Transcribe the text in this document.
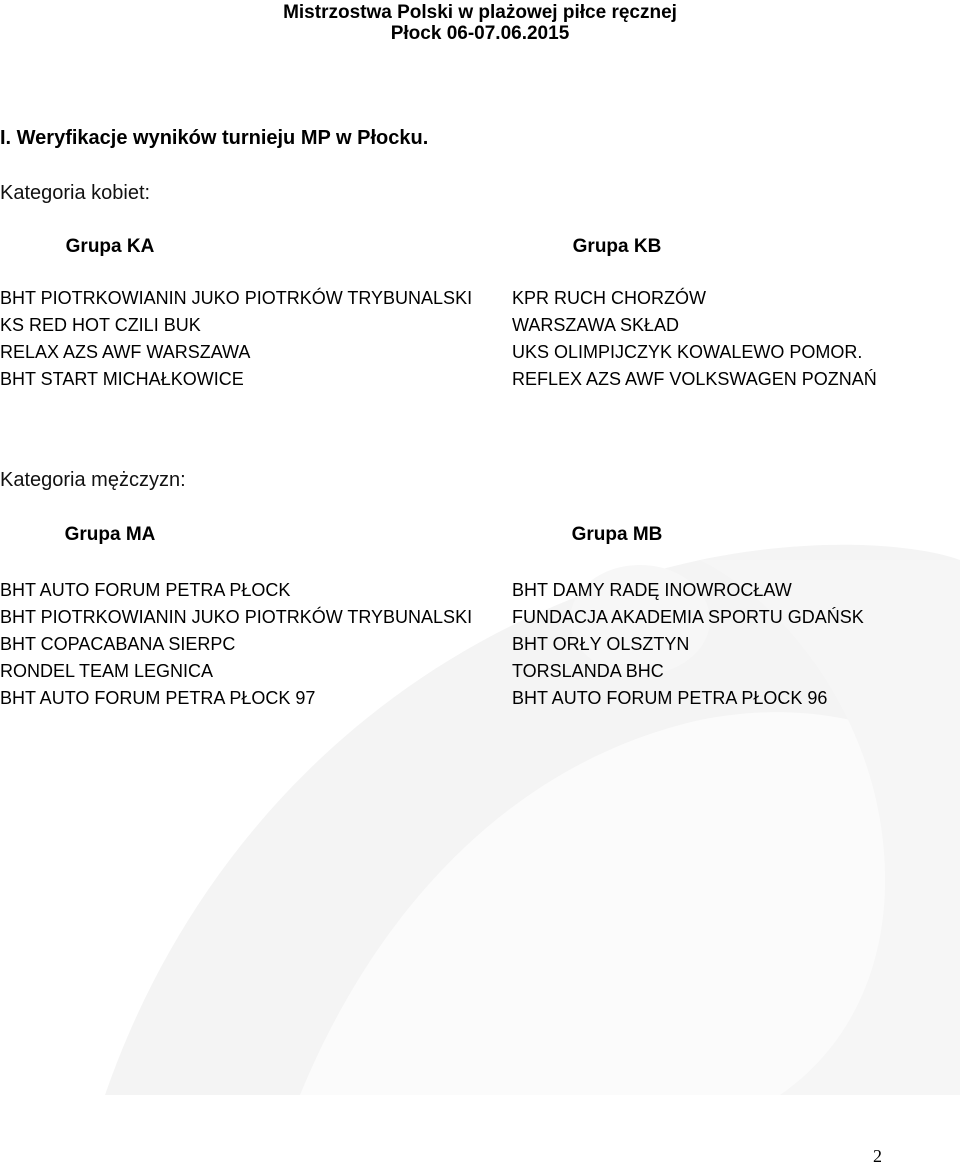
Mistrzostwa Polski w plażowej piłce ręcznej
Płock 06-07.06.2015
I. Weryfikacje wyników turnieju MP w Płocku.
Kategoria kobiet:
Grupa KA	Grupa KB
BHT PIOTRKOWIANIN JUKO PIOTRKÓW TRYBUNALSKI
KS RED HOT CZILI BUK
RELAX AZS AWF WARSZAWA
BHT START MICHAŁKOWICE
KPR RUCH CHORZÓW
WARSZAWA SKŁAD
UKS OLIMPIJCZYK KOWALEWO POMOR.
REFLEX AZS AWF VOLKSWAGEN POZNAŃ
Kategoria mężczyzn:
Grupa MA	Grupa MB
BHT AUTO FORUM PETRA PŁOCK
BHT PIOTRKOWIANIN JUKO PIOTRKÓW TRYBUNALSKI
BHT COPACABANA SIERPC
RONDEL TEAM LEGNICA
BHT AUTO FORUM PETRA PŁOCK 97
BHT DAMY RADĘ INOWROCŁAW
FUNDACJA AKADEMIA SPORTU GDAŃSK
BHT ORŁY OLSZTYN
TORSLANDA BHC
BHT AUTO FORUM PETRA PŁOCK 96
2
